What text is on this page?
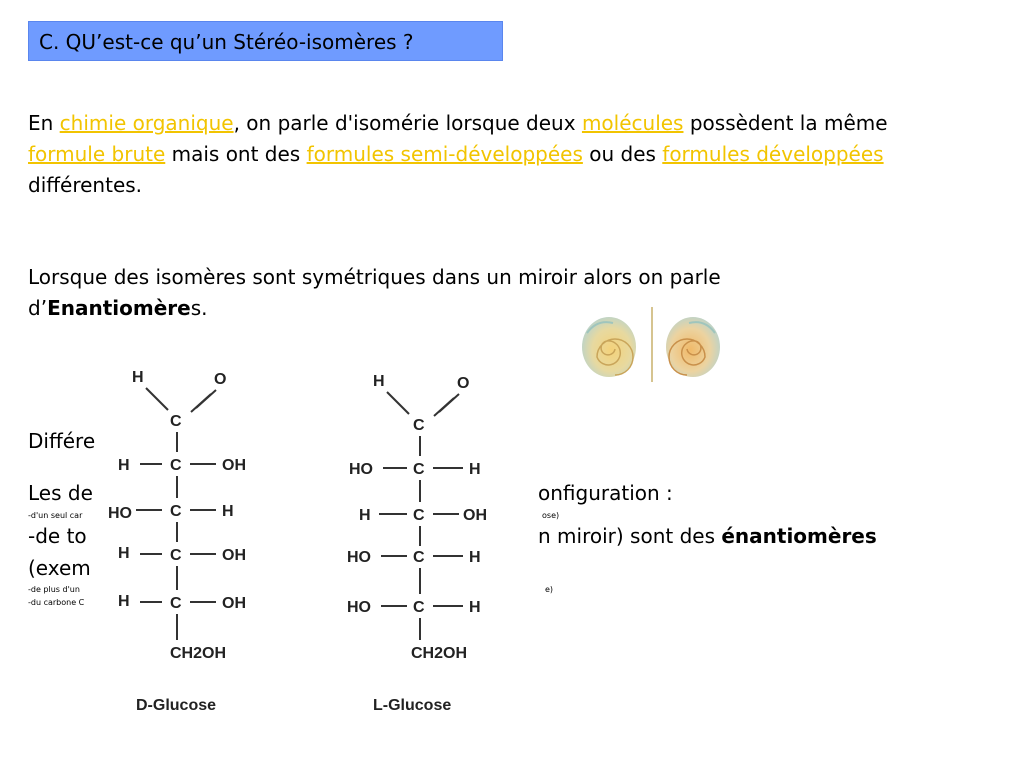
C. QU’est-ce qu’un Stéréo-isomères ?
En chimie organique, on parle d'isomérie lorsque deux molécules possèdent la même
formule brute mais ont des formules semi-développées ou des formules développées
différentes.
Lorsque des isomères sont symétriques dans un miroir alors on parle
d’Enantiomères.
Différe
Les de	onfiguration :
-d'un seul car	ose)
-de to	n miroir) sont des énantiomères
(exem
-de plus d'un	e)
-du carbone C
H	O
C
H	C	OH
HO C	H
H	C	OH
H	C	OH
CH2OH
D-Glucose
H	O
C
HO	C	H
H	C OH
HO	C	H
HO	C	H
CH2OH
L-Glucose
